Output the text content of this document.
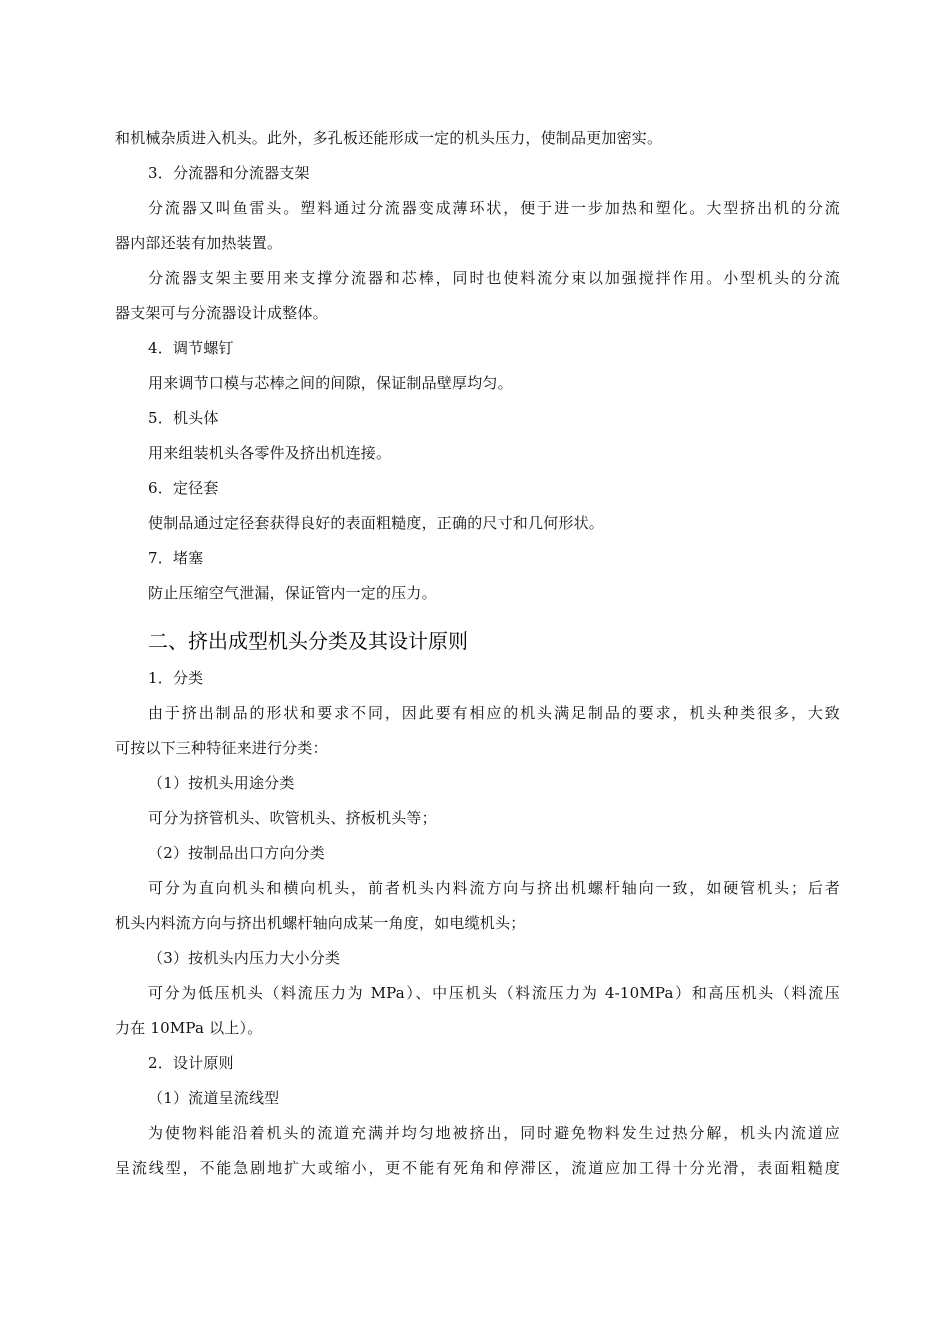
和机械杂质进入机头。此外，多孔板还能形成一定的机头压力，使制品更加密实。
3．分流器和分流器支架
分流器又叫鱼雷头。塑料通过分流器变成薄环状，便于进一步加热和塑化。大型挤出机的分流
器内部还装有加热装置。
分流器支架主要用来支撑分流器和芯棒，同时也使料流分束以加强搅拌作用。小型机头的分流
器支架可与分流器设计成整体。
4．调节螺钉
用来调节口模与芯棒之间的间隙，保证制品壁厚均匀。
5．机头体
用来组装机头各零件及挤出机连接。
6．定径套
使制品通过定径套获得良好的表面粗糙度，正确的尺寸和几何形状。
7．堵塞
防止压缩空气泄漏，保证管内一定的压力。
二、挤出成型机头分类及其设计原则
1．分类
由于挤出制品的形状和要求不同，因此要有相应的机头满足制品的要求，机头种类很多，大致
可按以下三种特征来进行分类：
（1）按机头用途分类
可分为挤管机头、吹管机头、挤板机头等；
（2）按制品出口方向分类
可分为直向机头和横向机头，前者机头内料流方向与挤出机螺杆轴向一致，如硬管机头；后者
机头内料流方向与挤出机螺杆轴向成某一角度，如电缆机头；
（3）按机头内压力大小分类
可分为低压机头（料流压力为 MPa）、中压机头（料流压力为 4-10MPa）和高压机头（料流压
力在 10MPa 以上）。
2．设计原则
（1）流道呈流线型
为使物料能沿着机头的流道充满并均匀地被挤出，同时避免物料发生过热分解，机头内流道应
呈流线型，不能急剧地扩大或缩小，更不能有死角和停滞区，流道应加工得十分光滑，表面粗糙度
